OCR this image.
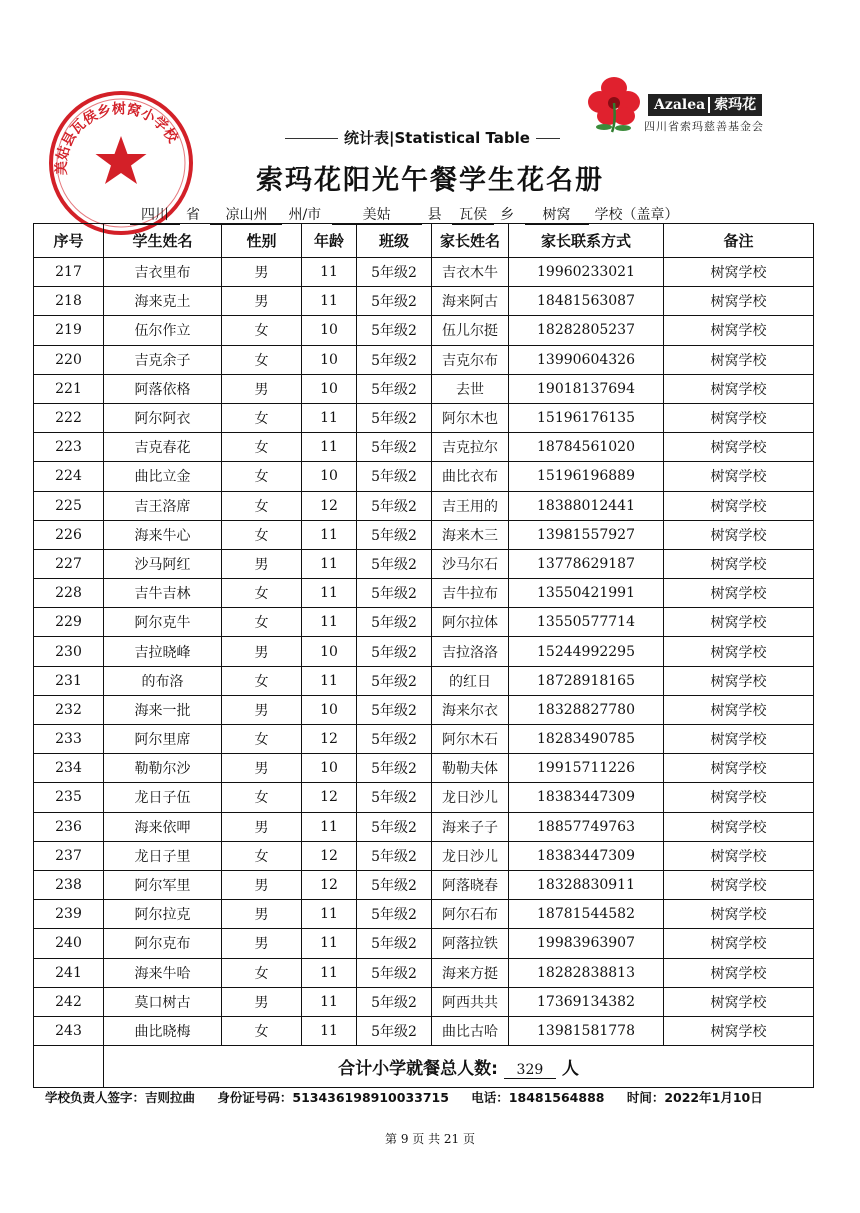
美姑县瓦侯乡树窝小学校
Azalea 索玛花
四川省索玛慈善基金会
统计表|Statistical Table
索玛花阳光午餐学生花名册
四川 省 凉山州 州/市	美姑	县 瓦侯 乡 树窝 学校（盖章）
序号	学生姓名	性别	年龄	班级	家长姓名	家长联系方式	备注
217	吉衣里布	男	11	5年级2	吉衣木牛	19960233021	树窝学校
218	海来克土	男	11	5年级2	海来阿古	18481563087	树窝学校
219	伍尔作立	女	10	5年级2	伍儿尔挺	18282805237	树窝学校
220	吉克余子	女	10	5年级2	吉克尔布	13990604326	树窝学校
221	阿落依格	男	10	5年级2	去世	19018137694	树窝学校
222	阿尔阿衣	女	11	5年级2	阿尔木也	15196176135	树窝学校
223	吉克春花	女	11	5年级2	吉克拉尔	18784561020	树窝学校
224	曲比立金	女	10	5年级2	曲比衣布	15196196889	树窝学校
225	吉王洛席	女	12	5年级2	吉王用的	18388012441	树窝学校
226	海来牛心	女	11	5年级2	海来木三	13981557927	树窝学校
227	沙马阿红	男	11	5年级2	沙马尔石	13778629187	树窝学校
228	吉牛吉林	女	11	5年级2	吉牛拉布	13550421991	树窝学校
229	阿尔克牛	女	11	5年级2	阿尔拉体	13550577714	树窝学校
230	吉拉晓峰	男	10	5年级2	吉拉洛洛	15244992295	树窝学校
231	的布洛	女	11	5年级2	的红日	18728918165	树窝学校
232	海来一批	男	10	5年级2	海来尔衣	18328827780	树窝学校
233	阿尔里席	女	12	5年级2	阿尔木石	18283490785	树窝学校
234	勒勒尔沙	男	10	5年级2	勒勒夫体	19915711226	树窝学校
235	龙日子伍	女	12	5年级2	龙日沙儿	18383447309	树窝学校
236	海来依呷	男	11	5年级2	海来子子	18857749763	树窝学校
237	龙日子里	女	12	5年级2	龙日沙儿	18383447309	树窝学校
238	阿尔军里	男	12	5年级2	阿落晓春	18328830911	树窝学校
239	阿尔拉克	男	11	5年级2	阿尔石布	18781544582	树窝学校
240	阿尔克布	男	11	5年级2	阿落拉铁	19983963907	树窝学校
241	海来牛哈	女	11	5年级2	海来方挺	18282838813	树窝学校
242	莫口树古	男	11	5年级2	阿西共共	17369134382	树窝学校
243	曲比晓梅	女	11	5年级2	曲比古哈	13981581778	树窝学校
	合计小学就餐总人数: 329 人						
学校负责人签字：吉则拉曲 身份证号码：513436198910033715 电话：18481564888 时间：2022年1月10日
第 9 页 共 21 页
